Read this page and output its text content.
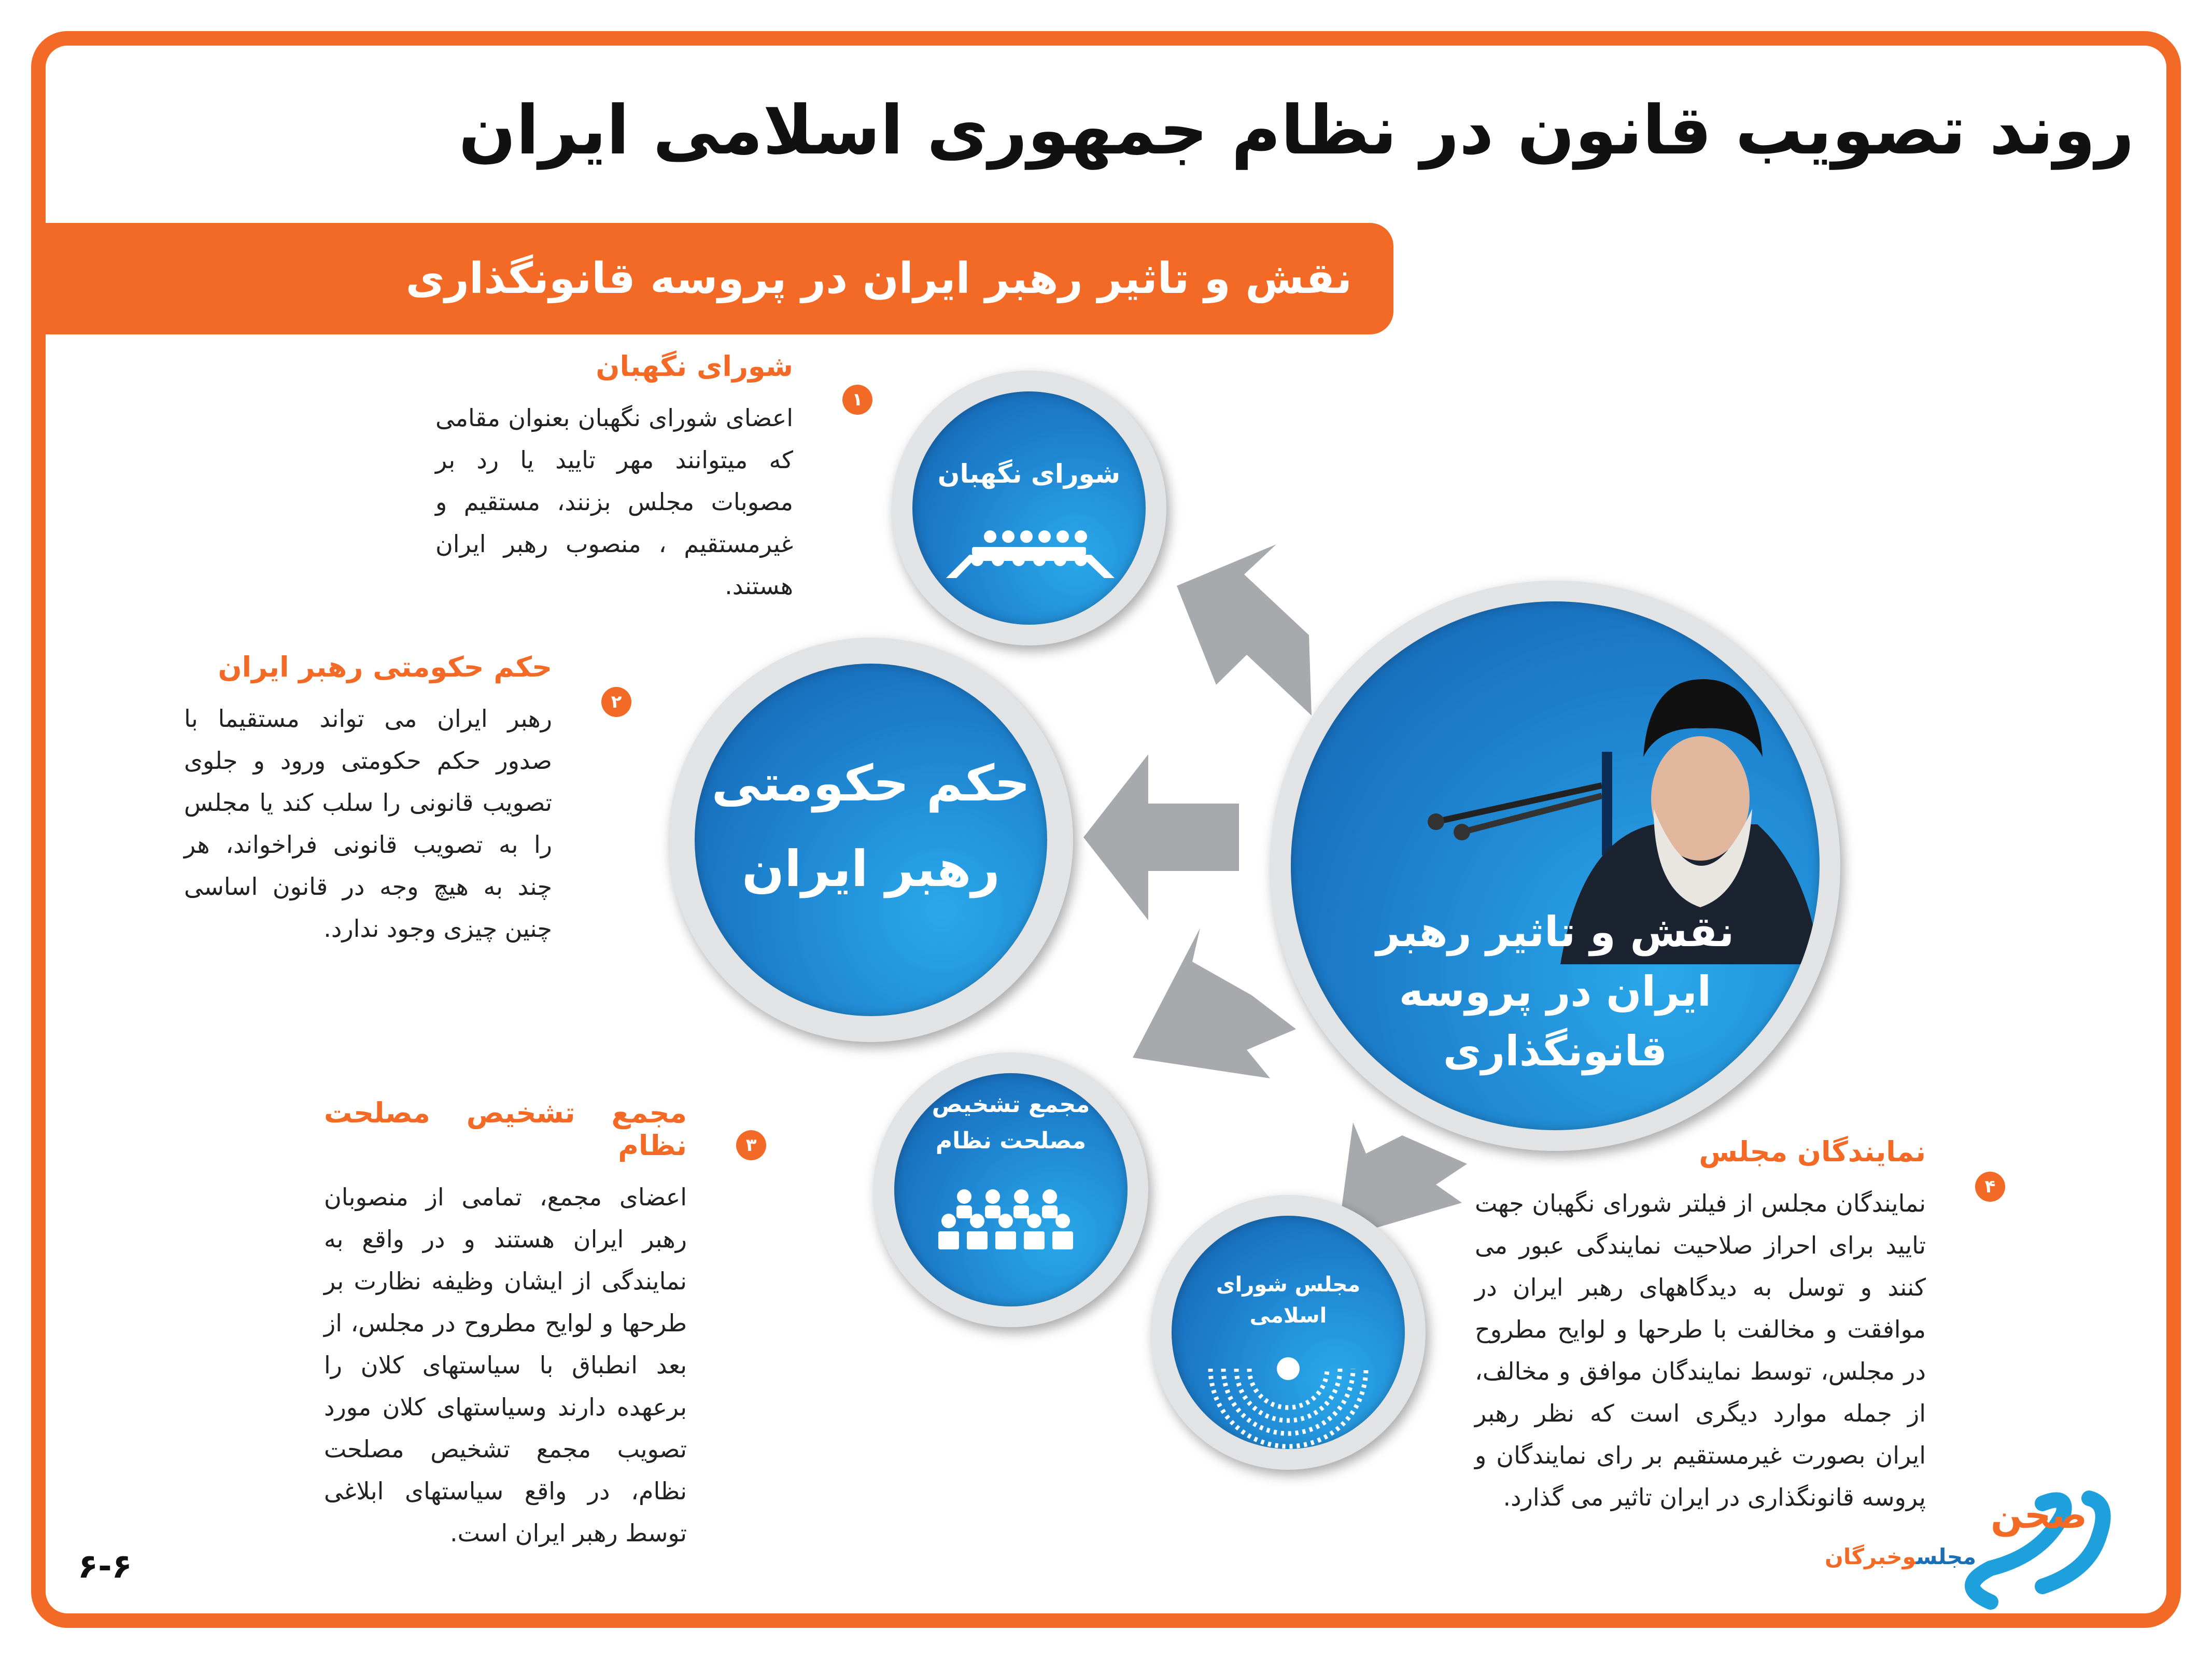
روند تصویب قانون در نظام جمهوری اسلامی ایران
نقش و تاثیر رهبر ایران در پروسه قانونگذاری
نقش و تاثیر رهبر ایران در پروسه قانونگذاری
شورای نگهبان
حکم حکومتی
رهبر ایران
مجمع تشخیص
مصلحت نظام
مجلس شورای
اسلامی
۱
شورای نگهبان

اعضای شورای نگهبان بعنوان مقامی که میتوانند مهر تایید یا رد بر مصوبات مجلس بزنند، مستقیم و غیرمستقیم ، منصوب رهبر ایران هستند.

۲
حکم حکومتی رهبر ایران

رهبر ایران می تواند مستقیما با صدور حکم حکومتی ورود و جلوی تصویب قانونی را سلب کند یا مجلس را به تصویب قانونی فراخواند، هر چند به هیچ وجه در قانون اساسی چنین چیزی وجود ندارد.

۳
مجمع تشخیص مصلحت نظام

اعضای مجمع، تمامی از منصوبان رهبر ایران هستند و در واقع به نمایندگی از ایشان وظیفه نظارت بر طرحها و لوایح مطروح در مجلس، از بعد انطباق با سیاستهای کلان را برعهده دارند وسیاستهای کلان مورد تصویب مجمع تشخیص مصلحت نظام، در واقع سیاستهای ابلاغی توسط رهبر ایران است.

۴
نمایندگان مجلس

نمایندگان مجلس از فیلتر شورای نگهبان جهت تایید برای احراز صلاحیت نمایندگی عبور می کنند و توسل به دیدگاههای رهبر ایران در موافقت و مخالفت با طرحها و لوایح مطروح در مجلس، توسط نمایندگان موافق و مخالف، از جمله موارد دیگری است که نظر رهبر ایران بصورت غیرمستقیم بر رای نمایندگان و پروسه قانونگذاری در ایران تاثیر می گذارد. صحن
مجلسوخبرگان
۶-۶
